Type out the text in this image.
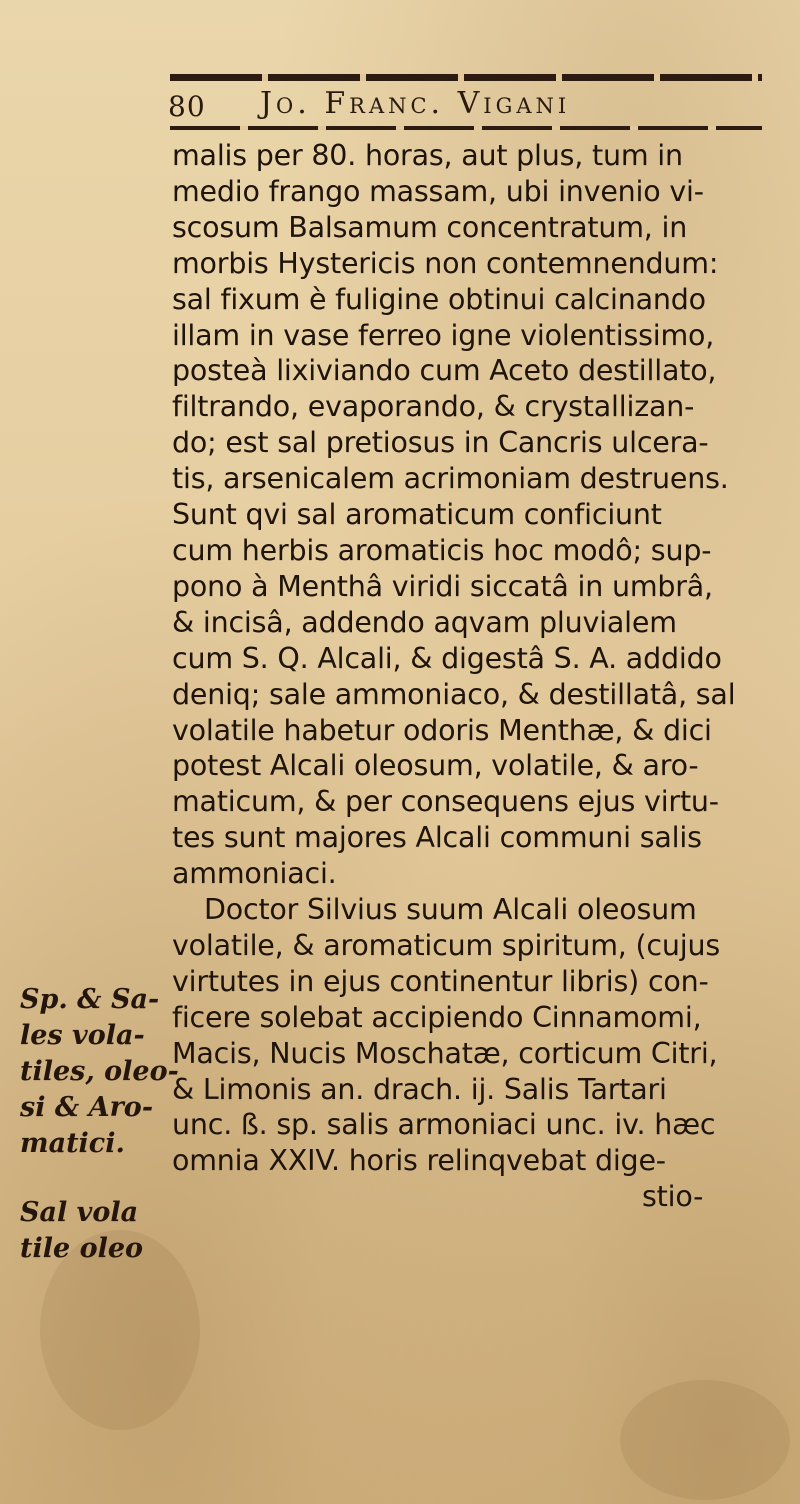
80 Jo. Franc. Vigani
malis per 80. horas, aut plus, tum in
medio frango massam, ubi invenio vi-
scosum Balsamum concentratum, in
morbis Hystericis non contemnendum:
sal fixum è fuligine obtinui calcinando
illam in vase ferreo igne violentissimo,
posteà lixiviando cum Aceto destillato,
filtrando, evaporando, & crystallizan-
do; est sal pretiosus in Cancris ulcera-
tis, arsenicalem acrimoniam destruens.
Sunt qvi sal aromaticum conficiunt
cum herbis aromaticis hoc modô; sup-
pono à Menthâ viridi siccatâ in umbrâ,
& incisâ, addendo aqvam pluvialem
cum S. Q. Alcali, & digestâ S. A. addido
deniq; sale ammoniaco, & destillatâ, sal
volatile habetur odoris Menthæ, & dici
potest Alcali oleosum, volatile, & aro-
maticum, & per consequens ejus virtu-
tes sunt majores Alcali communi salis
ammoniaci.
Doctor Silvius suum Alcali oleosum
volatile, & aromaticum spiritum, (cujus
virtutes in ejus continentur libris) con-
ficere solebat accipiendo Cinnamomi,
Macis, Nucis Moschatæ, corticum Citri,
& Limonis an. drach. ij. Salis Tartari
unc. ß. sp. salis armoniaci unc. iv. hæc
omnia XXIV. horis relinqvebat dige-
stio-
Sp. & Sa-
les vola-
tiles, oleo-
si & Aro-
matici.
Sal vola
tile oleo
